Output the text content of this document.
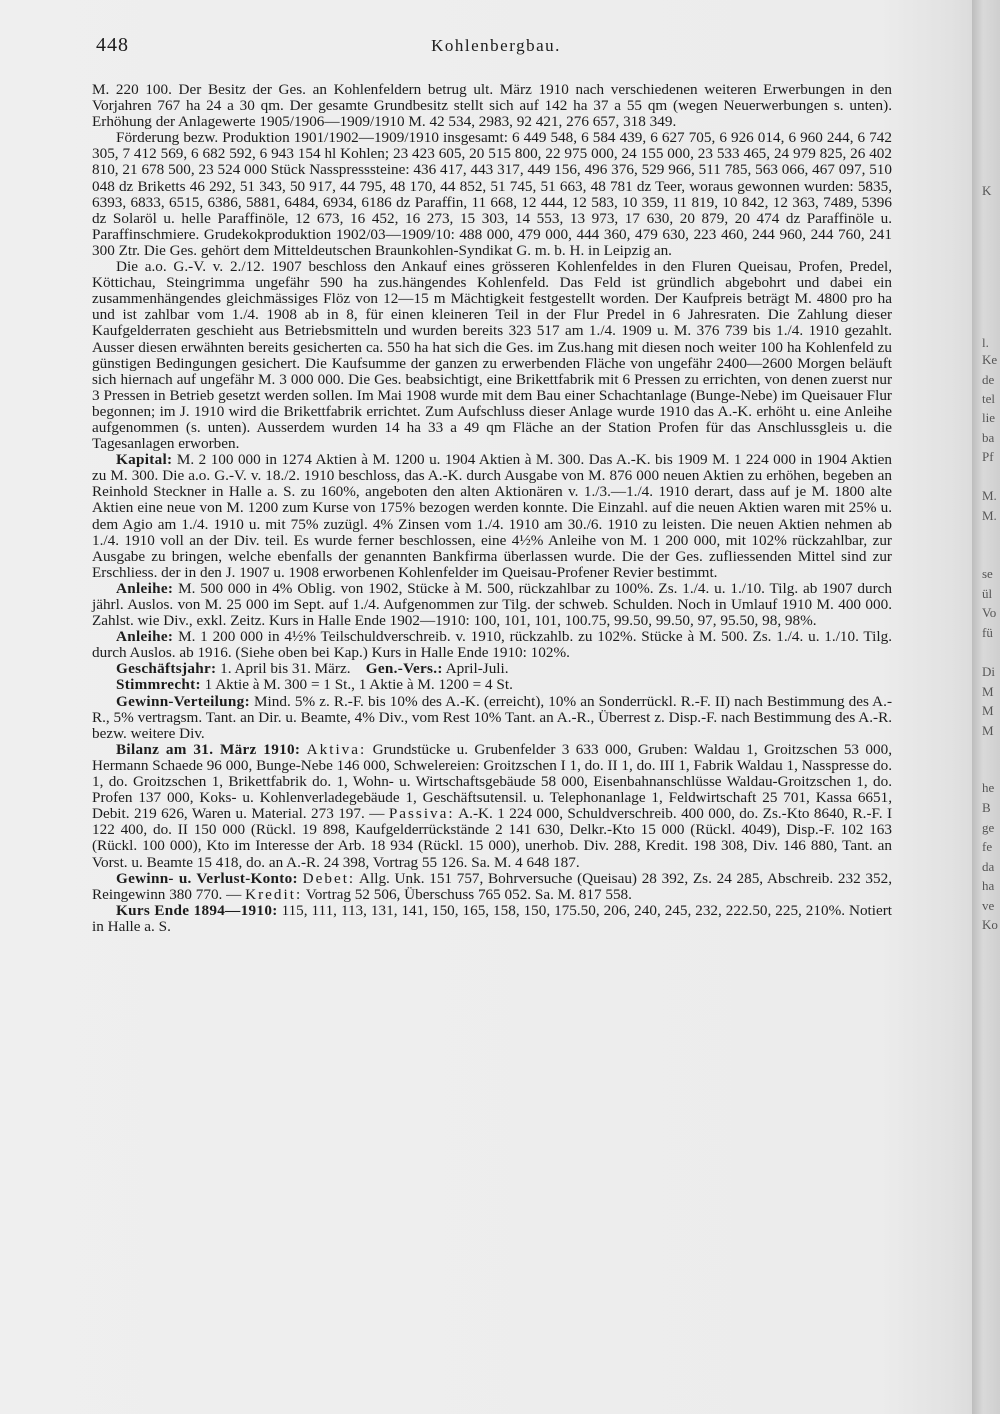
448	Kohlenbergbau.

M. 220 100. Der Besitz der Ges. an Kohlenfeldern betrug ult. März 1910 nach verschiedenen weiteren Erwerbungen in den Vorjahren 767 ha 24 a 30 qm. Der gesamte Grundbesitz stellt sich auf 142 ha 37 a 55 qm (wegen Neuerwerbungen s. unten). Erhöhung der Anlagewerte 1905/1906—1909/1910 M. 42 534, 2983, 92 421, 276 657, 318 349.

Förderung bezw. Produktion 1901/1902—1909/1910 insgesamt: 6 449 548, 6 584 439, 6 627 705, 6 926 014, 6 960 244, 6 742 305, 7 412 569, 6 682 592, 6 943 154 hl Kohlen; 23 423 605, 20 515 800, 22 975 000, 24 155 000, 23 533 465, 24 979 825, 26 402 810, 21 678 500, 23 524 000 Stück Nasspresssteine: 436 417, 443 317, 449 156, 496 376, 529 966, 511 785, 563 066, 467 097, 510 048 dz Briketts 46 292, 51 343, 50 917, 44 795, 48 170, 44 852, 51 745, 51 663, 48 781 dz Teer, woraus gewonnen wurden: 5835, 6393, 6833, 6515, 6386, 5881, 6484, 6934, 6186 dz Paraffin, 11 668, 12 444, 12 583, 10 359, 11 819, 10 842, 12 363, 7489, 5396 dz Solaröl u. helle Paraffinöle, 12 673, 16 452, 16 273, 15 303, 14 553, 13 973, 17 630, 20 879, 20 474 dz Paraffinöle u. Paraffinschmiere. Grudekokproduktion 1902/03—1909/10: 488 000, 479 000, 444 360, 479 630, 223 460, 244 960, 244 760, 241 300 Ztr. Die Ges. gehört dem Mitteldeutschen Braunkohlen-Syndikat G. m. b. H. in Leipzig an.

Die a.o. G.-V. v. 2./12. 1907 beschloss den Ankauf eines grösseren Kohlenfeldes in den Fluren Queisau, Profen, Predel, Köttichau, Steingrimma ungefähr 590 ha zus.hängendes Kohlenfeld. Das Feld ist gründlich abgebohrt und dabei ein zusammenhängendes gleichmässiges Flöz von 12—15 m Mächtigkeit festgestellt worden. Der Kaufpreis beträgt M. 4800 pro ha und ist zahlbar vom 1./4. 1908 ab in 8, für einen kleineren Teil in der Flur Predel in 6 Jahresraten. Die Zahlung dieser Kaufgelderraten geschieht aus Betriebsmitteln und wurden bereits 323 517 am 1./4. 1909 u. M. 376 739 bis 1./4. 1910 gezahlt. Ausser diesen erwähnten bereits gesicherten ca. 550 ha hat sich die Ges. im Zus.hang mit diesen noch weiter 100 ha Kohlenfeld zu günstigen Bedingungen gesichert. Die Kaufsumme der ganzen zu erwerbenden Fläche von ungefähr 2400—2600 Morgen beläuft sich hiernach auf ungefähr M. 3 000 000. Die Ges. beabsichtigt, eine Brikettfabrik mit 6 Pressen zu errichten, von denen zuerst nur 3 Pressen in Betrieb gesetzt werden sollen. Im Mai 1908 wurde mit dem Bau einer Schachtanlage (Bunge-Nebe) im Queisauer Flur begonnen; im J. 1910 wird die Brikettfabrik errichtet. Zum Aufschluss dieser Anlage wurde 1910 das A.-K. erhöht u. eine Anleihe aufgenommen (s. unten). Ausserdem wurden 14 ha 33 a 49 qm Fläche an der Station Profen für das Anschlussgleis u. die Tagesanlagen erworben.

Kapital: M. 2 100 000 in 1274 Aktien à M. 1200 u. 1904 Aktien à M. 300. Das A.-K. bis 1909 M. 1 224 000 in 1904 Aktien zu M. 300. Die a.o. G.-V. v. 18./2. 1910 beschloss, das A.-K. durch Ausgabe von M. 876 000 neuen Aktien zu erhöhen, begeben an Reinhold Steckner in Halle a. S. zu 160%, angeboten den alten Aktionären v. 1./3.—1./4. 1910 derart, dass auf je M. 1800 alte Aktien eine neue von M. 1200 zum Kurse von 175% bezogen werden konnte. Die Einzahl. auf die neuen Aktien waren mit 25% u. dem Agio am 1./4. 1910 u. mit 75% zuzügl. 4% Zinsen vom 1./4. 1910 am 30./6. 1910 zu leisten. Die neuen Aktien nehmen ab 1./4. 1910 voll an der Div. teil. Es wurde ferner beschlossen, eine 4½% Anleihe von M. 1 200 000, mit 102% rückzahlbar, zur Ausgabe zu bringen, welche ebenfalls der genannten Bankfirma überlassen wurde. Die der Ges. zufliessenden Mittel sind zur Erschliess. der in den J. 1907 u. 1908 erworbenen Kohlenfelder im Queisau-Profener Revier bestimmt.

Anleihe: M. 500 000 in 4% Oblig. von 1902, Stücke à M. 500, rückzahlbar zu 100%. Zs. 1./4. u. 1./10. Tilg. ab 1907 durch jährl. Auslos. von M. 25 000 im Sept. auf 1./4. Aufgenommen zur Tilg. der schweb. Schulden. Noch in Umlauf 1910 M. 400 000. Zahlst. wie Div., exkl. Zeitz. Kurs in Halle Ende 1902—1910: 100, 101, 101, 100.75, 99.50, 99.50, 97, 95.50, 98, 98%.

Anleihe: M. 1 200 000 in 4½% Teilschuldverschreib. v. 1910, rückzahlb. zu 102%. Stücke à M. 500. Zs. 1./4. u. 1./10. Tilg. durch Auslos. ab 1916. (Siehe oben bei Kap.) Kurs in Halle Ende 1910: 102%.

Geschäftsjahr: 1. April bis 31. März. Gen.-Vers.: April-Juli.

Stimmrecht: 1 Aktie à M. 300 = 1 St., 1 Aktie à M. 1200 = 4 St.

Gewinn-Verteilung: Mind. 5% z. R.-F. bis 10% des A.-K. (erreicht), 10% an Sonderrückl. R.-F. II) nach Bestimmung des A.-R., 5% vertragsm. Tant. an Dir. u. Beamte, 4% Div., vom Rest 10% Tant. an A.-R., Überrest z. Disp.-F. nach Bestimmung des A.-R. bezw. weitere Div.

Bilanz am 31. März 1910: Aktiva: Grundstücke u. Grubenfelder 3 633 000, Gruben: Waldau 1, Groitzschen 53 000, Hermann Schaede 96 000, Bunge-Nebe 146 000, Schwelereien: Groitzschen I 1, do. II 1, do. III 1, Fabrik Waldau 1, Nasspresse do. 1, do. Groitzschen 1, Brikettfabrik do. 1, Wohn- u. Wirtschaftsgebäude 58 000, Eisenbahnanschlüsse Waldau-Groitzschen 1, do. Profen 137 000, Koks- u. Kohlenverladegebäude 1, Geschäftsutensil. u. Telephonanlage 1, Feldwirtschaft 25 701, Kassa 6651, Debit. 219 626, Waren u. Material. 273 197. — Passiva: A.-K. 1 224 000, Schuldverschreib. 400 000, do. Zs.-Kto 8640, R.-F. I 122 400, do. II 150 000 (Rückl. 19 898, Kaufgelderrückstände 2 141 630, Delkr.-Kto 15 000 (Rückl. 4049), Disp.-F. 102 163 (Rückl. 100 000), Kto im Interesse der Arb. 18 934 (Rückl. 15 000), unerhob. Div. 288, Kredit. 198 308, Div. 146 880, Tant. an Vorst. u. Beamte 15 418, do. an A.-R. 24 398, Vortrag 55 126. Sa. M. 4 648 187.

Gewinn- u. Verlust-Konto: Debet: Allg. Unk. 151 757, Bohrversuche (Queisau) 28 392, Zs. 24 285, Abschreib. 232 352, Reingewinn 380 770. — Kredit: Vortrag 52 506, Überschuss 765 052. Sa. M. 817 558.

Kurs Ende 1894—1910: 115, 111, 113, 131, 141, 150, 165, 158, 150, 175.50, 206, 240, 245, 232, 222.50, 225, 210%. Notiert in Halle a. S.

K
l.
Ke
de
tel
lie
ba
Pf
M.
M.
se
ül
Vo
fü
Di
M
M
M
he
B
ge
fe
da
ha
ve
Ko
